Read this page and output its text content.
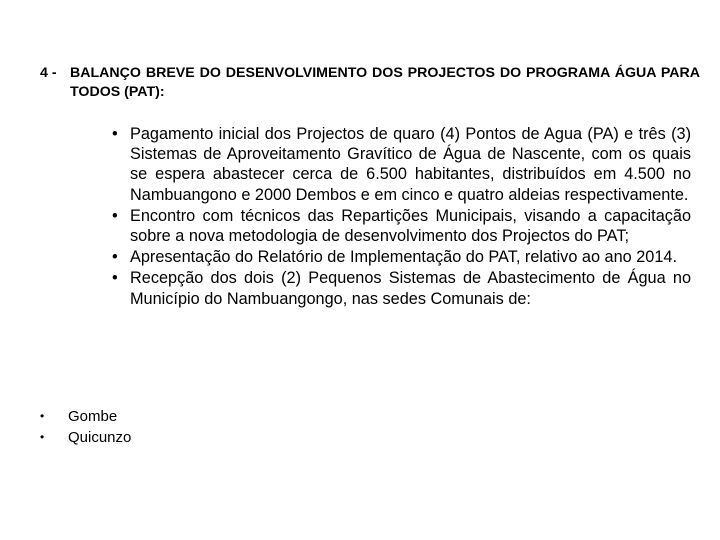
4 - BALANÇO BREVE DO DESENVOLVIMENTO DOS PROJECTOS DO PROGRAMA ÁGUA PARA TODOS (PAT):
• Pagamento inicial dos Projectos de quaro (4) Pontos de Agua (PA) e três (3) Sistemas de Aproveitamento Gravítico de Água de Nascente, com os quais se espera abastecer cerca de 6.500 habitantes, distribuídos em 4.500 no Nambuangono e 2000 Dembos e em cinco e quatro aldeias respectivamente.
• Encontro com técnicos das Repartições Municipais, visando a capacitação sobre a nova metodologia de desenvolvimento dos Projectos do PAT;
• Apresentação do Relatório de Implementação do PAT, relativo ao ano 2014.
• Recepção dos dois (2) Pequenos Sistemas de Abastecimento de Água no Município do Nambuangongo, nas sedes Comunais de:
• Gombe
• Quicunzo
